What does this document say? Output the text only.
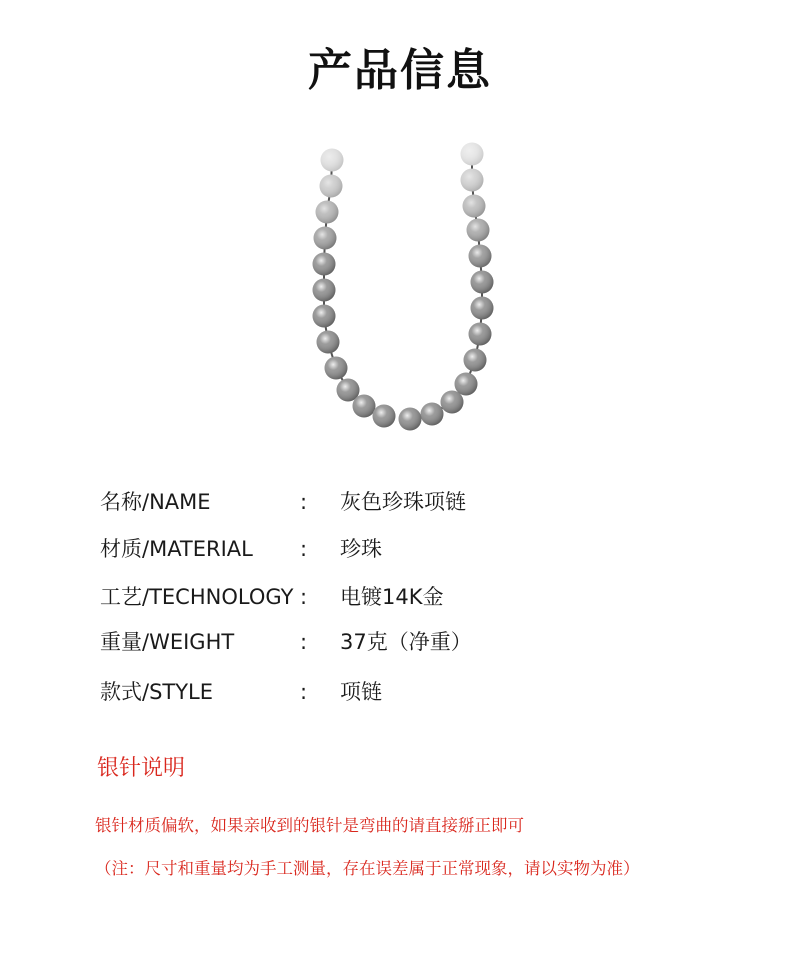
产品信息
名称/NAME	: 灰色珍珠项链
材质/MATERIAL : 珍珠
工艺/TECHNOLOGY : 电镀14K金
重量/WEIGHT	: 37克（净重）
款式/STYLE	: 项链
银针说明
银针材质偏软，如果亲收到的银针是弯曲的请直接掰正即可
（注：尺寸和重量均为手工测量，存在误差属于正常现象，请以实物为准）
